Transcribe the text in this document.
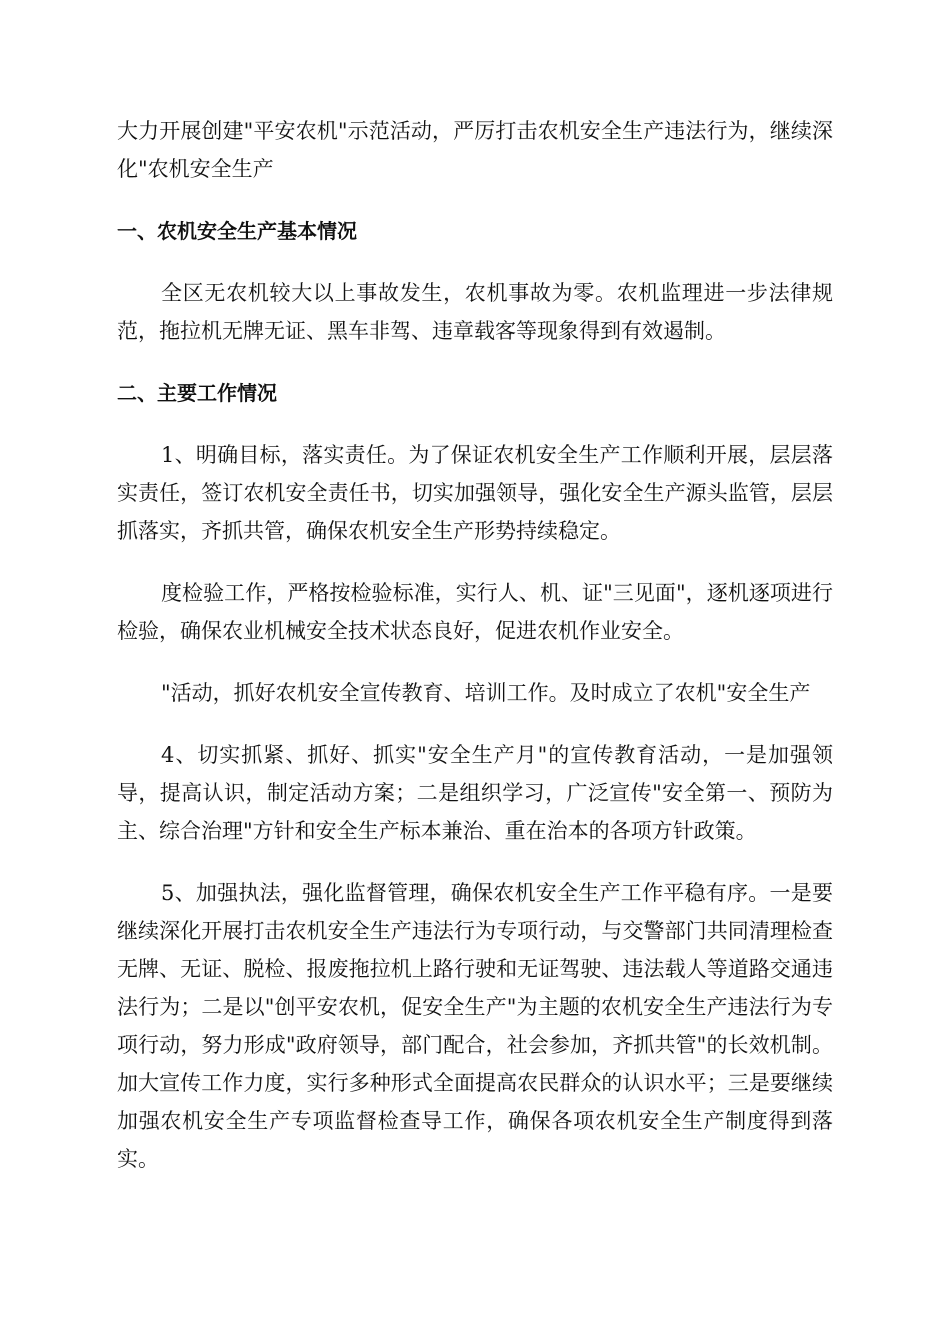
大力开展创建"平安农机"示范活动，严厉打击农机安全生产违法行为，继续深化"农机安全生产

一、农机安全生产基本情况

全区无农机较大以上事故发生，农机事故为零。农机监理进一步法律规范，拖拉机无牌无证、黑车非驾、违章载客等现象得到有效遏制。

二、主要工作情况

1、明确目标，落实责任。为了保证农机安全生产工作顺利开展，层层落实责任，签订农机安全责任书，切实加强领导，强化安全生产源头监管，层层抓落实，齐抓共管，确保农机安全生产形势持续稳定。

度检验工作，严格按检验标准，实行人、机、证"三见面"，逐机逐项进行检验，确保农业机械安全技术状态良好，促进农机作业安全。

"活动，抓好农机安全宣传教育、培训工作。及时成立了农机"安全生产

4、切实抓紧、抓好、抓实"安全生产月"的宣传教育活动，一是加强领导，提高认识，制定活动方案；二是组织学习，广泛宣传"安全第一、预防为主、综合治理"方针和安全生产标本兼治、重在治本的各项方针政策。

5、加强执法，强化监督管理，确保农机安全生产工作平稳有序。一是要继续深化开展打击农机安全生产违法行为专项行动，与交警部门共同清理检查无牌、无证、脱检、报废拖拉机上路行驶和无证驾驶、违法载人等道路交通违法行为；二是以"创平安农机，促安全生产"为主题的农机安全生产违法行为专项行动，努力形成"政府领导，部门配合，社会参加，齐抓共管"的长效机制。加大宣传工作力度，实行多种形式全面提高农民群众的认识水平；三是要继续加强农机安全生产专项监督检查导工作，确保各项农机安全生产制度得到落实。
